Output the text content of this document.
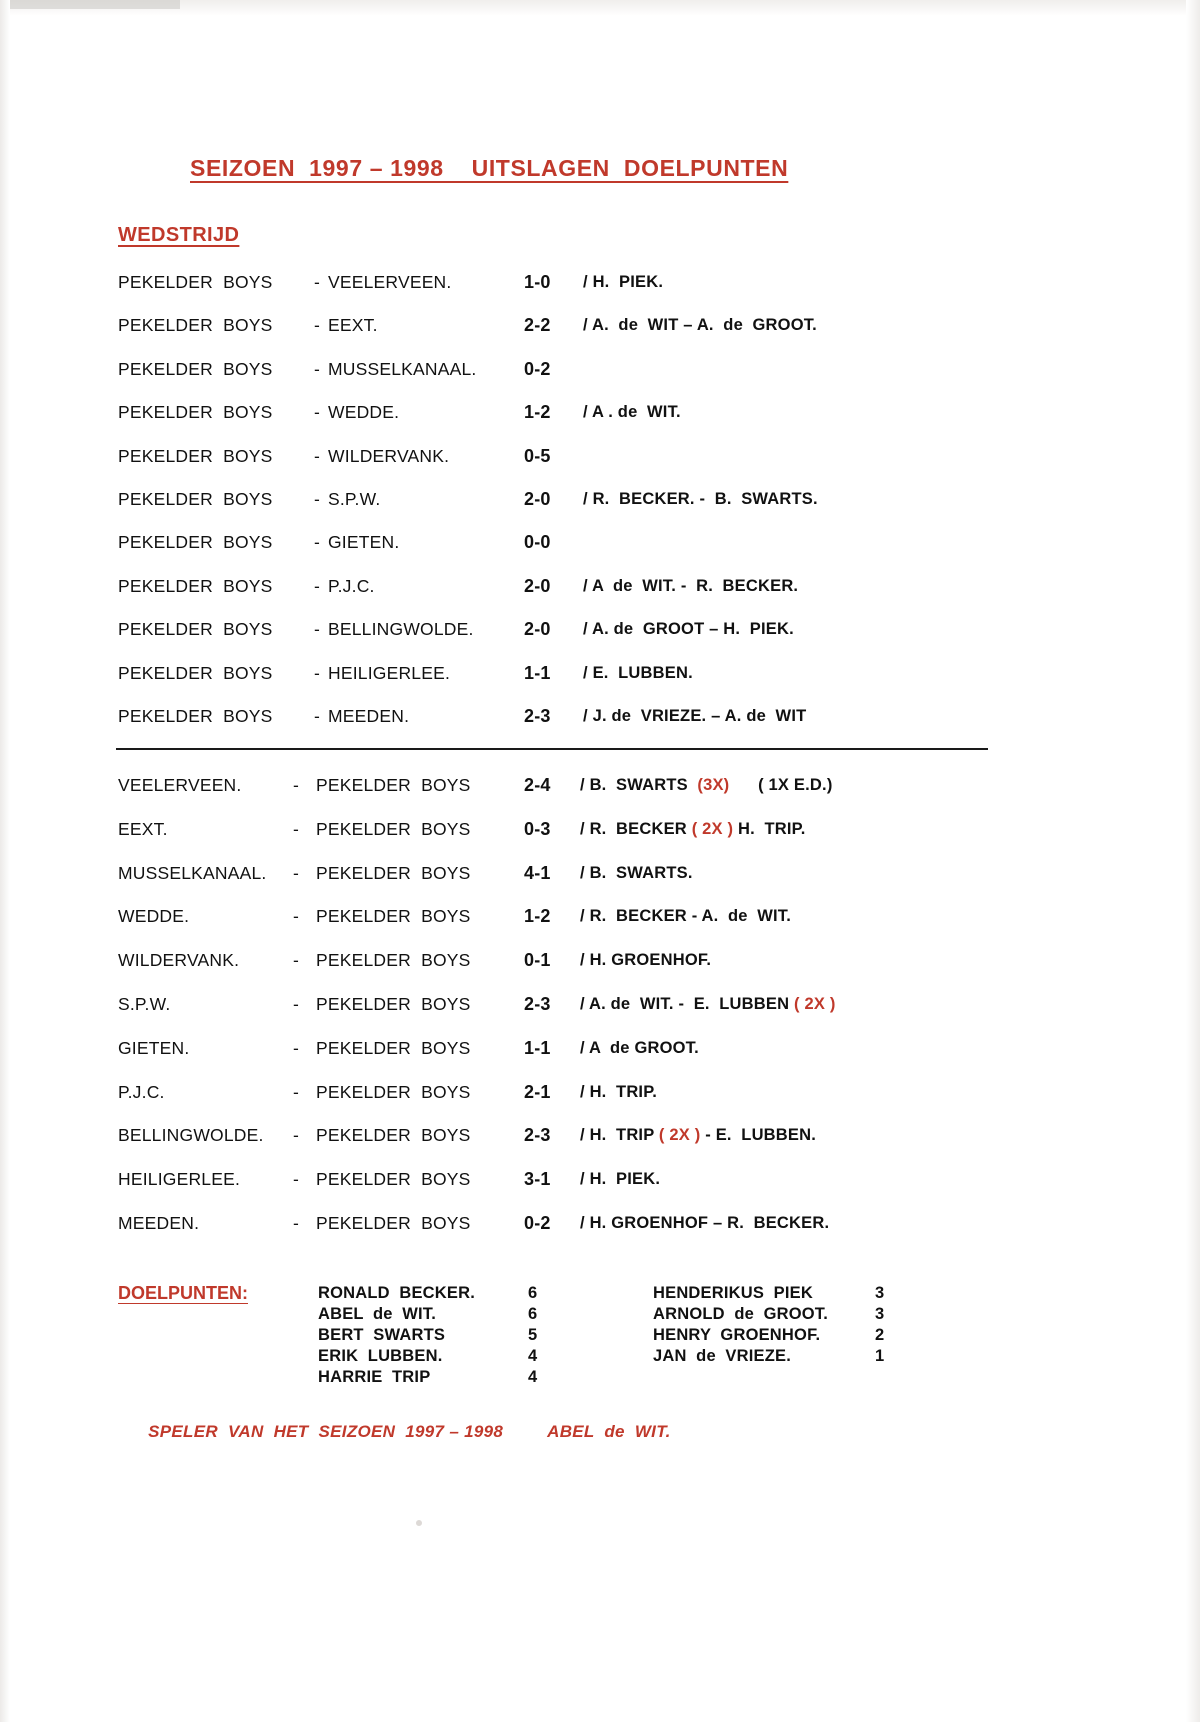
SEIZOEN  1997 – 1998    UITSLAGEN  DOELPUNTEN
WEDSTRIJD
PEKELDER  BOYS - VEELERVEEN.	1-0 / H.  PIEK.
PEKELDER  BOYS - EEXT.	2-2 / A.  de  WIT – A.  de  GROOT.
PEKELDER  BOYS - MUSSELKANAAL.	0-2
PEKELDER  BOYS - WEDDE.	1-2 / A . de  WIT.
PEKELDER  BOYS - WILDERVANK.	0-5
PEKELDER  BOYS - S.P.W.	2-0 / R.  BECKER. -  B.  SWARTS.
PEKELDER  BOYS - GIETEN.	0-0
PEKELDER  BOYS - P.J.C.	2-0 / A  de  WIT. -  R.  BECKER.
PEKELDER  BOYS - BELLINGWOLDE.	2-0 / A. de  GROOT – H.  PIEK.
PEKELDER  BOYS - HEILIGERLEE.	1-1 / E.  LUBBEN.
PEKELDER  BOYS - MEEDEN.	2-3 / J. de  VRIEZE. – A. de  WIT
VEELERVEEN.	- PEKELDER  BOYS	2-4 / B.  SWARTS  (3X)      ( 1X E.D.)
EEXT.	- PEKELDER  BOYS	0-3 / R.  BECKER ( 2X ) H.  TRIP.
MUSSELKANAAL. - PEKELDER  BOYS	4-1 / B.  SWARTS.
WEDDE.	- PEKELDER  BOYS	1-2 / R.  BECKER - A.  de  WIT.
WILDERVANK.	- PEKELDER  BOYS	0-1 / H. GROENHOF.
S.P.W.	- PEKELDER  BOYS	2-3 / A. de  WIT. -  E.  LUBBEN ( 2X )
GIETEN.	- PEKELDER  BOYS	1-1 / A  de GROOT.
P.J.C.	- PEKELDER  BOYS	2-1 / H.  TRIP.
BELLINGWOLDE. - PEKELDER  BOYS	2-3 / H.  TRIP ( 2X ) - E.  LUBBEN.
HEILIGERLEE.	- PEKELDER  BOYS	3-1 / H.  PIEK.
MEEDEN.	- PEKELDER  BOYS	0-2 / H. GROENHOF – R.  BECKER.
DOELPUNTEN:	RONALD  BECKER.	6
ABEL  de  WIT.	6
BERT  SWARTS	5
ERIK  LUBBEN.	4
HARRIE  TRIP	4
HENDERIKUS  PIEK	3
ARNOLD  de  GROOT.	3
HENRY  GROENHOF.	2
JAN  de  VRIEZE.	1

SPELER  VAN  HET  SEIZOEN  1997 – 1998	ABEL  de  WIT.
